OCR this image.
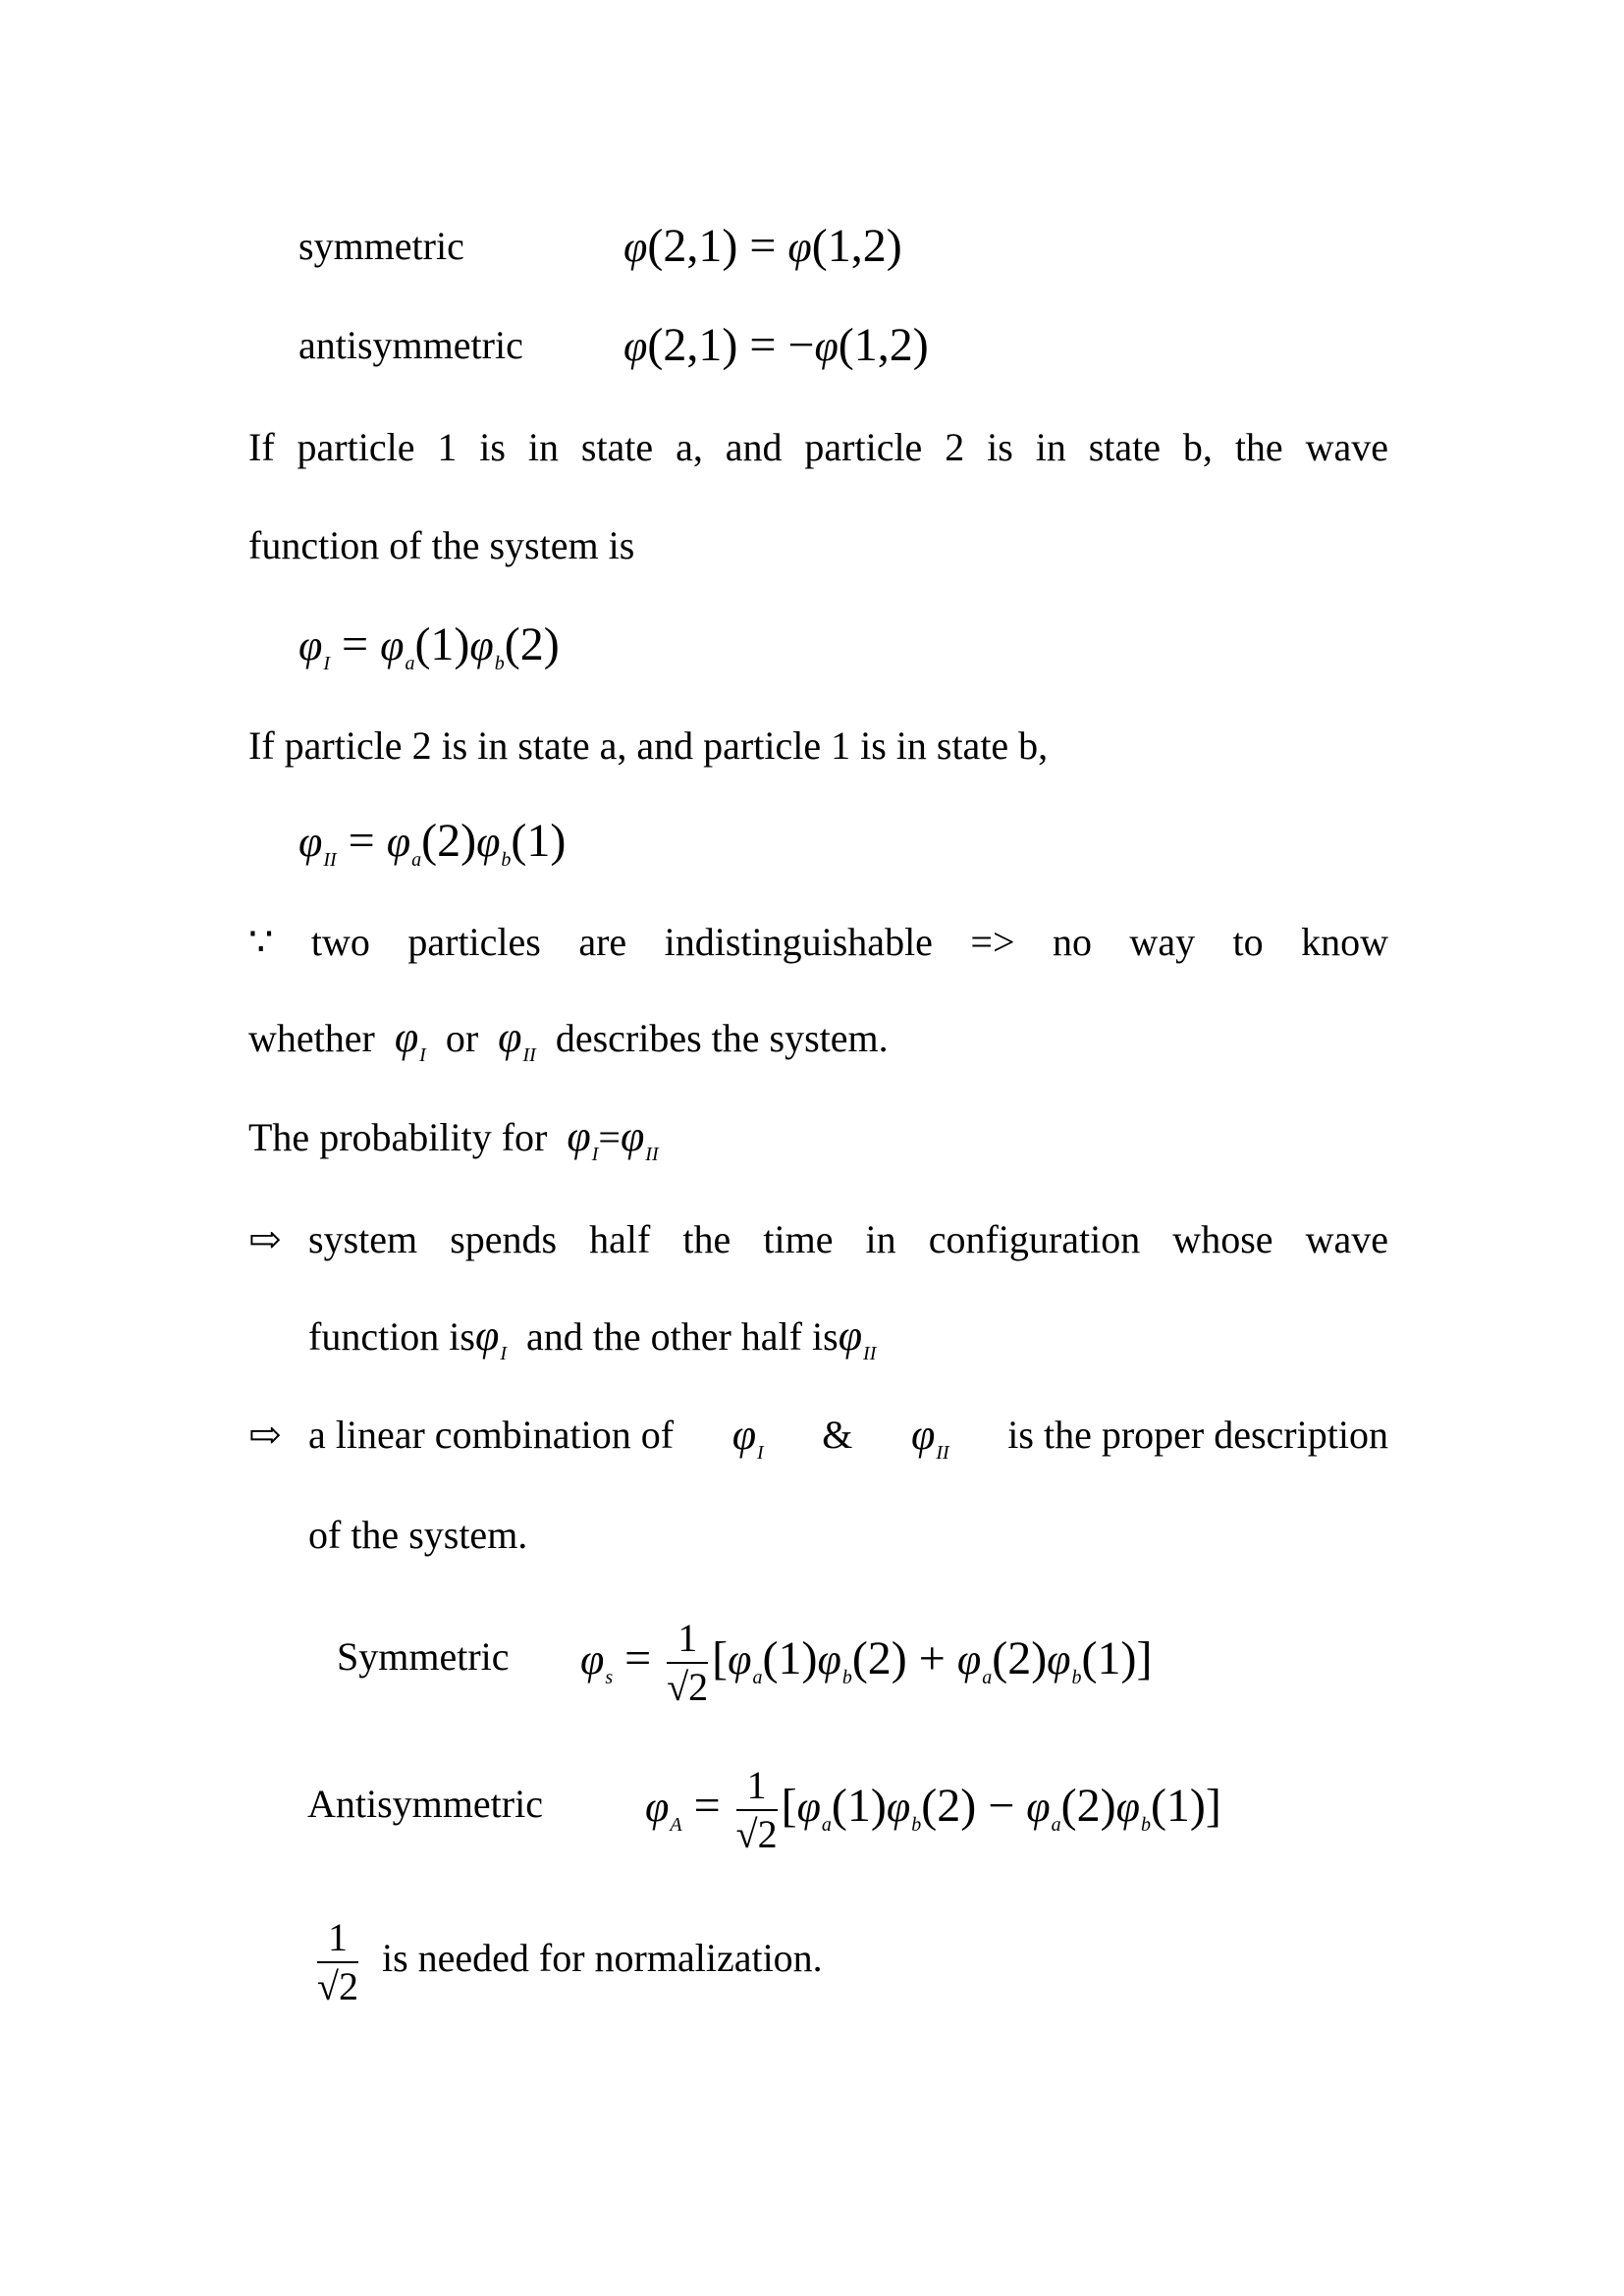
symmetric	φ(2,1) = φ(1,2)
antisymmetric φ(2,1) = −φ(1,2)
If particle 1 is in state a, and particle 2 is in state b, the wave
function of the system is
$\varphi_I = \varphi_a(1)\varphi_b(2)$
If particle 2 is in state a, and particle 1 is in state b,
$\varphi_{II} = \varphi_a(2)\varphi_b(1)$
∵ two particles are indistinguishable => no way to know
whether $\varphi_I$ or $\varphi_{II}$ describes the system.
The probability for $\varphi_I=\varphi_{II}$
⇨ system spends half the time in configuration whose wave
function isφ$_I$ and the other half isφ$_{II}$
⇨ a linear combination of $\varphi_I$ & $\varphi_{II}$ is the proper description
of the system.
Symmetric $\varphi_s = \frac{1}{√2} [\varphi_a(1)\varphi_b(2) + \varphi_a(2)\varphi_b(1)]$
Antisymmetric $\varphi_A = \frac{1}{√2} [\varphi_a(1)\varphi_b(2) - \varphi_a(2)\varphi_b(1)]$
$\frac{1}{√2}$ is needed for normalization.
